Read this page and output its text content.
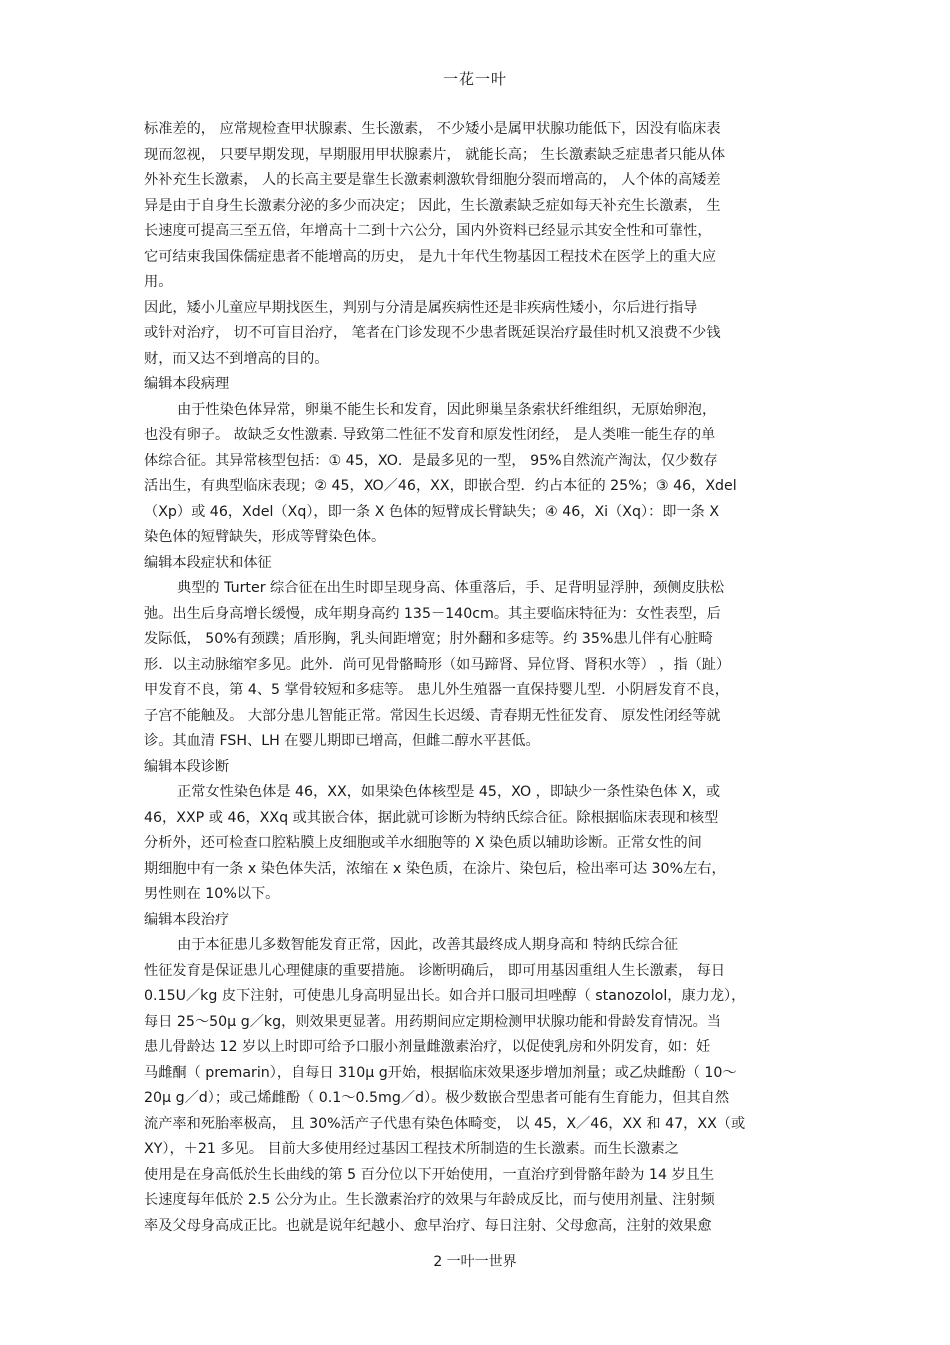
一花一叶
标准差的， 应常规检查甲状腺素、生长激素， 不少矮小是属甲状腺功能低下，因没有临床表
现而忽视， 只要早期发现，早期服用甲状腺素片， 就能长高； 生长激素缺乏症患者只能从体
外补充生长激素， 人的长高主要是靠生长激素刺激软骨细胞分裂而增高的， 人个体的高矮差
异是由于自身生长激素分泌的多少而决定； 因此，生长激素缺乏症如每天补充生长激素， 生
长速度可提高三至五倍，年增高十二到十六公分，国内外资料已经显示其安全性和可靠性，
它可结束我国侏儒症患者不能增高的历史， 是九十年代生物基因工程技术在医学上的重大应
用。
因此，矮小儿童应早期找医生，判别与分清是属疾病性还是非疾病性矮小，尔后进行指导
或针对治疗， 切不可盲目治疗， 笔者在门诊发现不少患者既延误治疗最佳时机又浪费不少钱
财，而又达不到增高的目的。
编辑本段病理
由于性染色体异常，卵巢不能生长和发育，因此卵巢呈条索状纤维组织，无原始卵泡，
也没有卵子。 故缺乏女性激素. 导致第二性征不发育和原发性闭经， 是人类唯一能生存的单
体综合征。其异常核型包括：① 45，XO．是最多见的一型， 95%自然流产淘汰，仅少数存
活出生，有典型临床表现；② 45，XO／46，XX，即嵌合型．约占本征的 25%；③ 46，Xdel
（Xp）或 46，Xdel（Xq），即一条 X 色体的短臂成长臂缺失；④ 46，Xi（Xq）：即一条 X
染色体的短臂缺失，形成等臂染色体。
编辑本段症状和体征
典型的 Turter 综合征在出生时即呈现身高、体重落后，手、足背明显浮肿，颈侧皮肤松
弛。出生后身高增长缓慢，成年期身高约 135－140cm。其主要临床特征为：女性表型，后
发际低， 50%有颈蹼；盾形胸，乳头间距增宽；肘外翻和多痣等。约 35%患儿伴有心脏畸
形．以主动脉缩窄多见。此外．尚可见骨骼畸形（如马蹄肾、异位肾、肾积水等） ，指（趾）
甲发育不良，第 4、5 掌骨较短和多痣等。 患儿外生殖器一直保持婴儿型．小阴唇发育不良，
子宫不能触及。 大部分患儿智能正常。常因生长迟缓、青春期无性征发育、 原发性闭经等就
诊。其血清 FSH、LH 在婴儿期即已增高，但雌二醇水平甚低。
编辑本段诊断
正常女性染色体是 46，XX，如果染色体核型是 45，XO ，即缺少一条性染色体 X，或
46，XXP 或 46，XXq 或其嵌合体，据此就可诊断为特纳氏综合征。除根据临床表现和核型
分析外，还可检查口腔粘膜上皮细胞或羊水细胞等的 X 染色质以辅助诊断。正常女性的间
期细胞中有一条 x 染色体失活，浓缩在 x 染色质，在涂片、染包后，检出率可达 30%左右，
男性则在 10%以下。
编辑本段治疗
由于本征患儿多数智能发育正常，因此，改善其最终成人期身高和 特纳氏综合征
性征发育是保证患儿心理健康的重要措施。 诊断明确后， 即可用基因重组人生长激素， 每日
0.15U／kg 皮下注射，可使患儿身高明显出长。如合并口服司坦唑醇（ stanozolol，康力龙），
每日 25～50μ g／kg，则效果更显著。用药期间应定期检测甲状腺功能和骨龄发育情况。当
患儿骨龄达 12 岁以上时即可给予口服小剂量雌激素治疗，以促使乳房和外阴发育，如：妊
马雌酮（ premarin），自每日 310μ g开始，根据临床效果逐步增加剂量；或乙炔雌酚（ 10～
20μ g／d）；或己烯雌酚（ 0.1～0.5mg／d）。极少数嵌合型患者可能有生育能力，但其自然
流产率和死胎率极高， 且 30%活产子代患有染色体畸变， 以 45，X／46，XX 和 47，XX（或
XY），＋21 多见。 目前大多使用经过基因工程技术所制造的生长激素。而生长激素之
使用是在身高低於生长曲线的第 5 百分位以下开始使用，一直治疗到骨骼年龄为 14 岁且生
长速度每年低於 2.5 公分为止。生长激素治疗的效果与年龄成反比，而与使用剂量、注射频
率及父母身高成正比。也就是说年纪越小、愈早治疗、每日注射、父母愈高，注射的效果愈
2 一叶一世界
